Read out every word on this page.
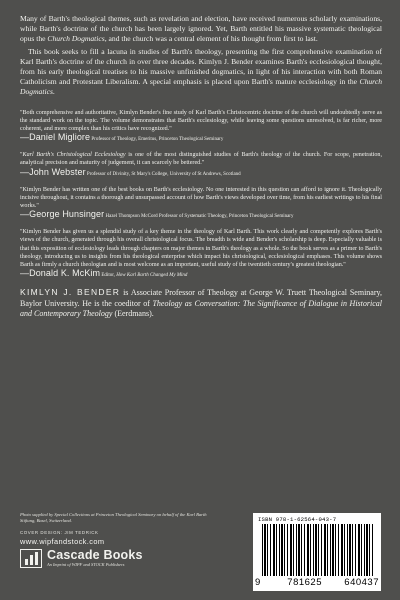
Many of Barth's theological themes, such as revelation and election, have received numerous scholarly examinations, while Barth's doctrine of the church has been largely ignored. Yet, Barth entitled his massive systematic theological opus the Church Dogmatics, and the church was a central element of his thought from first to last.

This book seeks to fill a lacuna in studies of Barth's theology, presenting the first comprehensive examination of Karl Barth's doctrine of the church in over three decades. Kimlyn J. Bender examines Barth's ecclesiological thought, from his early theological treatises to his massive unfinished dogmatics, in light of his interaction with both Roman Catholicism and Protestant Liberalism. A special emphasis is placed upon Barth's mature ecclesiology in the Church Dogmatics.

"Both comprehensive and authoritative, Kimlyn Bender's fine study of Karl Barth's Christocentric doctrine of the church will undoubtedly serve as the standard work on the topic. The volume demonstrates that Barth's ecclesiology, while leaving some questions unresolved, is far richer, more coherent, and more complex than his critics have recognized."

—Daniel Migliore Professor of Theology, Emeritus, Princeton Theological Seminary

"Karl Barth's Christological Ecclesiology is one of the most distinguished studies of Barth's theology of the church. For scope, penetration, analytical precision and maturity of judgement, it can scarcely be bettered."

—John Webster Professor of Divinity, St Mary's College, University of St Andrews, Scotland

"Kimlyn Bender has written one of the best books on Barth's ecclesiology. No one interested in this question can afford to ignore it. Theologically incisive throughout, it contains a thorough and unsurpassed account of how Barth's views developed over time, from his earliest writings to his final works."

—George Hunsinger Hazel Thompson McCord Professor of Systematic Theology, Princeton Theological Seminary

"Kimlyn Bender has given us a splendid study of a key theme in the theology of Karl Barth. This work clearly and competently explores Barth's views of the church, generated through his overall christological focus. The breadth is wide and Bender's scholarship is deep. Especially valuable is that this exposition of ecclesiology leads through chapters on major themes in Barth's theology as a whole. So the book serves as a primer to Barth's theology, introducing us to insights from his theological enterprise which impact his christological, ecclesiological emphases. This volume shows Barth as firmly a church theologian and is most welcome as an important, useful study of the twentieth century's greatest theologian."

—Donald K. McKim Editor, How Karl Barth Changed My Mind
KIMLYN J. BENDER is Associate Professor of Theology at George W. Truett Theological Seminary, Baylor University. He is the coeditor of Theology as Conversation: The Significance of Dialogue in Historical and Contemporary Theology (Eerdmans).
Photo supplied by Special Collections at Princeton Theological Seminary on behalf of the Karl Barth Stiftung, Basel, Switzerland.
COVER DESIGN: JIM TEDRICK
www.wipfandstock.com
Cascade Books
An Imprint of WIPF and STOCK Publishers
ISBN 978-1-62564-043-7
9	781625 640437
